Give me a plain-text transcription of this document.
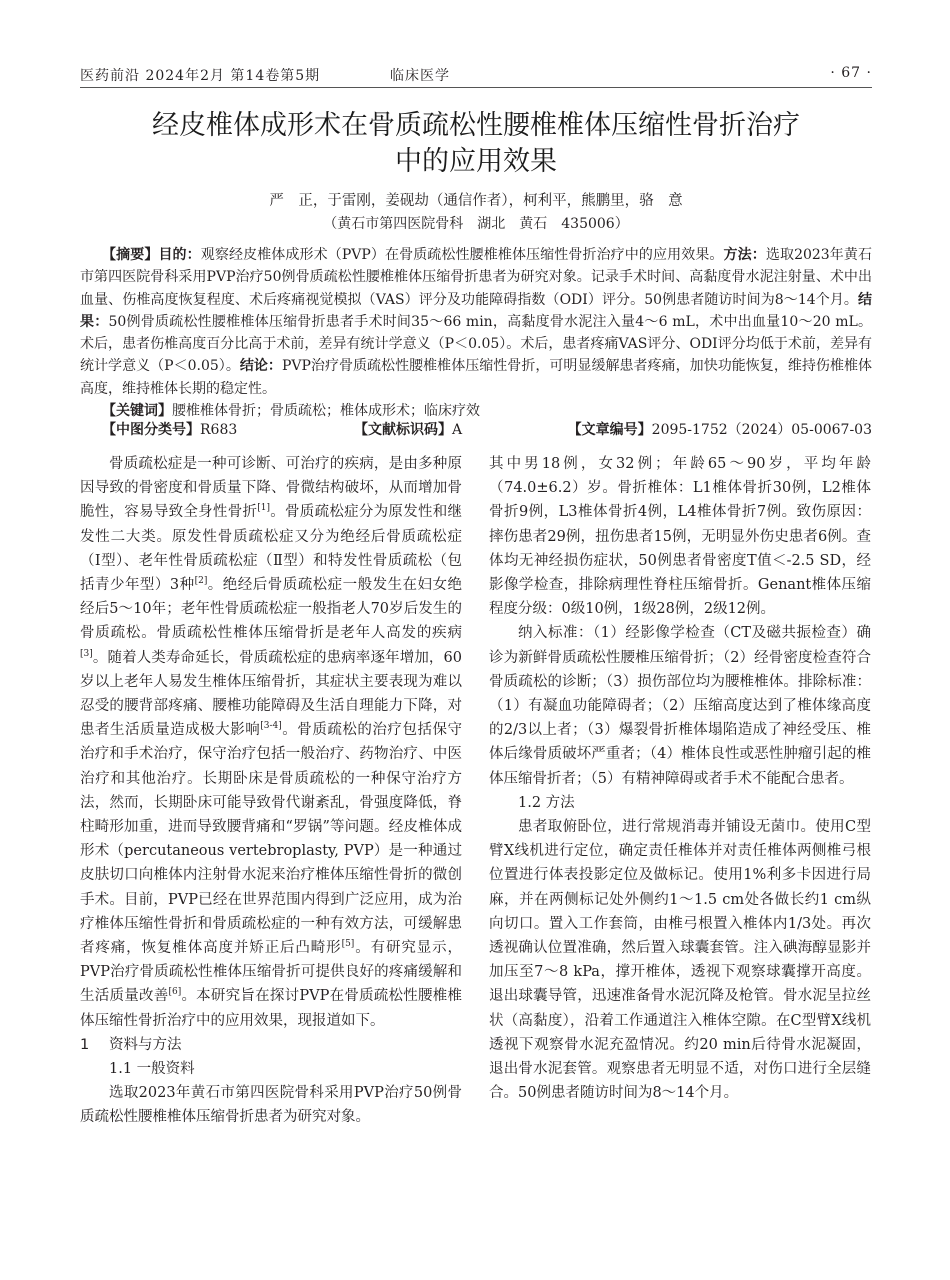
医药前沿 2024年2月 第14卷第5期	临床医学	· 67 ·
经皮椎体成形术在骨质疏松性腰椎椎体压缩性骨折治疗
中的应用效果
严　正，于雷刚，姜砚劫（通信作者），柯利平，熊鹏里，骆　意
（黄石市第四医院骨科　湖北　黄石　435006）

【摘要】目的：观察经皮椎体成形术（PVP）在骨质疏松性腰椎椎体压缩性骨折治疗中的应用效果。方法：选取2023年黄石市第四医院骨科采用PVP治疗50例骨质疏松性腰椎椎体压缩骨折患者为研究对象。记录手术时间、高黏度骨水泥注射量、术中出血量、伤椎高度恢复程度、术后疼痛视觉模拟（VAS）评分及功能障碍指数（ODI）评分。50例患者随访时间为8～14个月。结果：50例骨质疏松性腰椎椎体压缩骨折患者手术时间35～66 min，高黏度骨水泥注入量4～6 mL，术中出血量10～20 mL。术后，患者伤椎高度百分比高于术前，差异有统计学意义（P＜0.05）。术后，患者疼痛VAS评分、ODI评分均低于术前，差异有统计学意义（P＜0.05）。结论：PVP治疗骨质疏松性腰椎椎体压缩性骨折，可明显缓解患者疼痛，加快功能恢复，维持伤椎椎体高度，维持椎体长期的稳定性。

【关键词】腰椎椎体骨折；骨质疏松；椎体成形术；临床疗效

【中图分类号】R683	【文献标识码】A	【文章编号】2095-1752（2024）05-0067-03

骨质疏松症是一种可诊断、可治疗的疾病，是由多种原因导致的骨密度和骨质量下降、骨微结构破坏，从而增加骨脆性，容易导致全身性骨折[1]。骨质疏松症分为原发性和继发性二大类。原发性骨质疏松症又分为绝经后骨质疏松症（Ⅰ型）、老年性骨质疏松症（Ⅱ型）和特发性骨质疏松（包括青少年型）3种[2]。绝经后骨质疏松症一般发生在妇女绝经后5～10年；老年性骨质疏松症一般指老人70岁后发生的骨质疏松。骨质疏松性椎体压缩骨折是老年人高发的疾病[3]。随着人类寿命延长，骨质疏松症的患病率逐年增加，60岁以上老年人易发生椎体压缩骨折，其症状主要表现为难以忍受的腰背部疼痛、腰椎功能障碍及生活自理能力下降，对患者生活质量造成极大影响[3-4]。骨质疏松的治疗包括保守治疗和手术治疗，保守治疗包括一般治疗、药物治疗、中医治疗和其他治疗。长期卧床是骨质疏松的一种保守治疗方法，然而，长期卧床可能导致骨代谢紊乱，骨强度降低，脊柱畸形加重，进而导致腰背痛和“罗锅”等问题。经皮椎体成形术（percutaneous vertebroplasty, PVP）是一种通过皮肤切口向椎体内注射骨水泥来治疗椎体压缩性骨折的微创手术。目前，PVP已经在世界范围内得到广泛应用，成为治疗椎体压缩性骨折和骨质疏松症的一种有效方法，可缓解患者疼痛，恢复椎体高度并矫正后凸畸形[5]。有研究显示，PVP治疗骨质疏松性椎体压缩骨折可提供良好的疼痛缓解和生活质量改善[6]。本研究旨在探讨PVP在骨质疏松性腰椎椎体压缩性骨折治疗中的应用效果，现报道如下。

1 资料与方法

1.1 一般资料

选取2023年黄石市第四医院骨科采用PVP治疗50例骨质疏松性腰椎椎体压缩骨折患者为研究对象。

其中男18例，女32例；年龄65～90岁，平均年龄（74.0±6.2）岁。骨折椎体：L1椎体骨折30例，L2椎体骨折9例，L3椎体骨折4例，L4椎体骨折7例。致伤原因：摔伤患者29例，扭伤患者15例，无明显外伤史患者6例。查体均无神经损伤症状，50例患者骨密度T值＜-2.5 SD，经影像学检查，排除病理性脊柱压缩骨折。Genant椎体压缩程度分级：0级10例，1级28例，2级12例。

纳入标准：（1）经影像学检查（CT及磁共振检查）确诊为新鲜骨质疏松性腰椎压缩骨折；（2）经骨密度检查符合骨质疏松的诊断；（3）损伤部位均为腰椎椎体。排除标准：（1）有凝血功能障碍者；（2）压缩高度达到了椎体缘高度的2/3以上者；（3）爆裂骨折椎体塌陷造成了神经受压、椎体后缘骨质破坏严重者；（4）椎体良性或恶性肿瘤引起的椎体压缩骨折者；（5）有精神障碍或者手术不能配合患者。

1.2 方法

患者取俯卧位，进行常规消毒并铺设无菌巾。使用C型臂X线机进行定位，确定责任椎体并对责任椎体两侧椎弓根位置进行体表投影定位及做标记。使用1%利多卡因进行局麻，并在两侧标记处外侧约1～1.5 cm处各做长约1 cm纵向切口。置入工作套筒，由椎弓根置入椎体内1/3处。再次透视确认位置准确，然后置入球囊套管。注入碘海醇显影并加压至7～8 kPa，撑开椎体，透视下观察球囊撑开高度。退出球囊导管，迅速准备骨水泥沉降及枪管。骨水泥呈拉丝状（高黏度），沿着工作通道注入椎体空隙。在C型臂X线机透视下观察骨水泥充盈情况。约20 min后待骨水泥凝固，退出骨水泥套管。观察患者无明显不适，对伤口进行全层缝合。50例患者随访时间为8～14个月。
